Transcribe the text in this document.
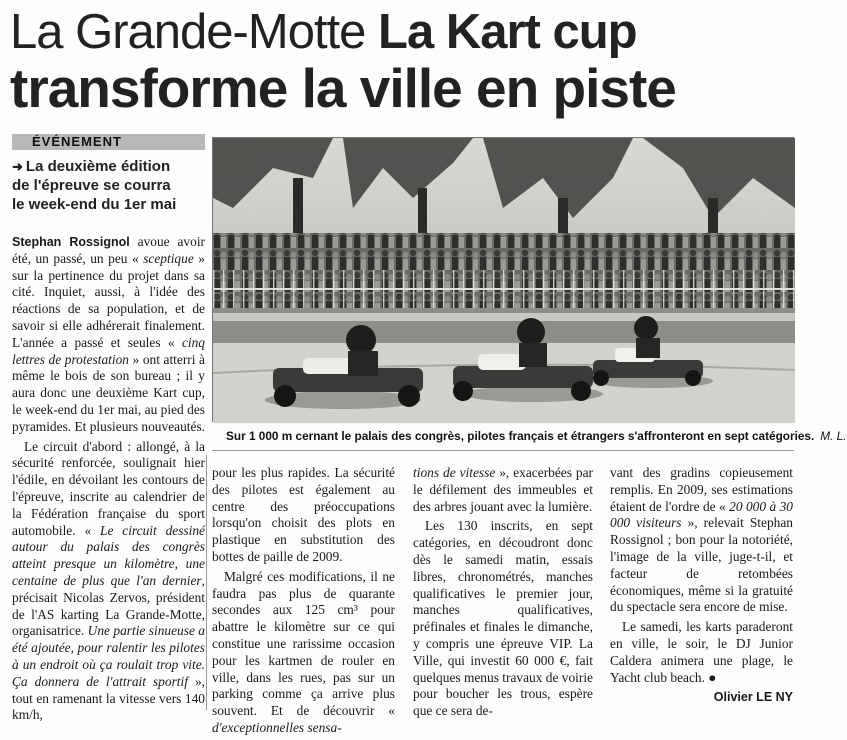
La Grande-Motte La Kart cup
transforme la ville en piste
ÉVÉNEMENT
➜ La deuxième édition
de l'épreuve se courra
le week-end du 1er mai
Sur 1 000 m cernant le palais des congrès, pilotes français et étrangers s'affronteront en sept catégories. M. L.

Stephan Rossignol avoue avoir été, un passé, un peu « sceptique » sur la pertinence du projet dans sa cité. Inquiet, aussi, à l'idée des réactions de sa population, et de savoir si elle adhérerait finalement. L'année a passé et seules « cinq lettres de protestation » ont atterri à même le bois de son bureau ; il y aura donc une deuxième Kart cup, le week-end du 1er mai, au pied des pyramides. Et plusieurs nouveautés.

Le circuit d'abord : allongé, à la sécurité renforcée, soulignait hier l'édile, en dévoilant les contours de l'épreuve, inscrite au calendrier de la Fédération française du sport automobile. « Le circuit dessiné autour du palais des congrès atteint presque un kilomètre, une centaine de plus que l'an dernier, précisait Nicolas Zervos, président de l'AS karting La Grande-Motte, organisatrice. Une partie sinueuse a été ajoutée, pour ralentir les pilotes à un endroit où ça roulait trop vite. Ça donnera de l'attrait sportif », tout en ramenant la vitesse vers 140 km/h,

pour les plus rapides. La sécurité des pilotes est également au centre des préoccupations lorsqu'on choisit des plots en plastique en substitution des bottes de paille de 2009.

Malgré ces modifications, il ne faudra pas plus de quarante secondes aux 125 cm³ pour abattre le kilomètre sur ce qui constitue une rarissime occasion pour les kartmen de rouler en ville, dans les rues, pas sur un parking comme ça arrive plus souvent. Et de découvrir « d'exceptionnelles sensa-

tions de vitesse », exacerbées par le défilement des immeubles et des arbres jouant avec la lumière.

Les 130 inscrits, en sept catégories, en découdront donc dès le samedi matin, essais libres, chronométrés, manches qualificatives le premier jour, manches qualificatives, préfinales et finales le dimanche, y compris une épreuve VIP. La Ville, qui investit 60 000 €, fait quelques menus travaux de voirie pour boucher les trous, espère que ce sera de-

vant des gradins copieusement remplis. En 2009, ses estimations étaient de l'ordre de « 20 000 à 30 000 visiteurs », relevait Stephan Rossignol ; bon pour la notoriété, l'image de la ville, juge-t-il, et facteur de retombées économiques, même si la gratuité du spectacle sera encore de mise.

Le samedi, les karts paraderont en ville, le soir, le DJ Junior Caldera animera une plage, le Yacht club beach. ●

Olivier LE NY
